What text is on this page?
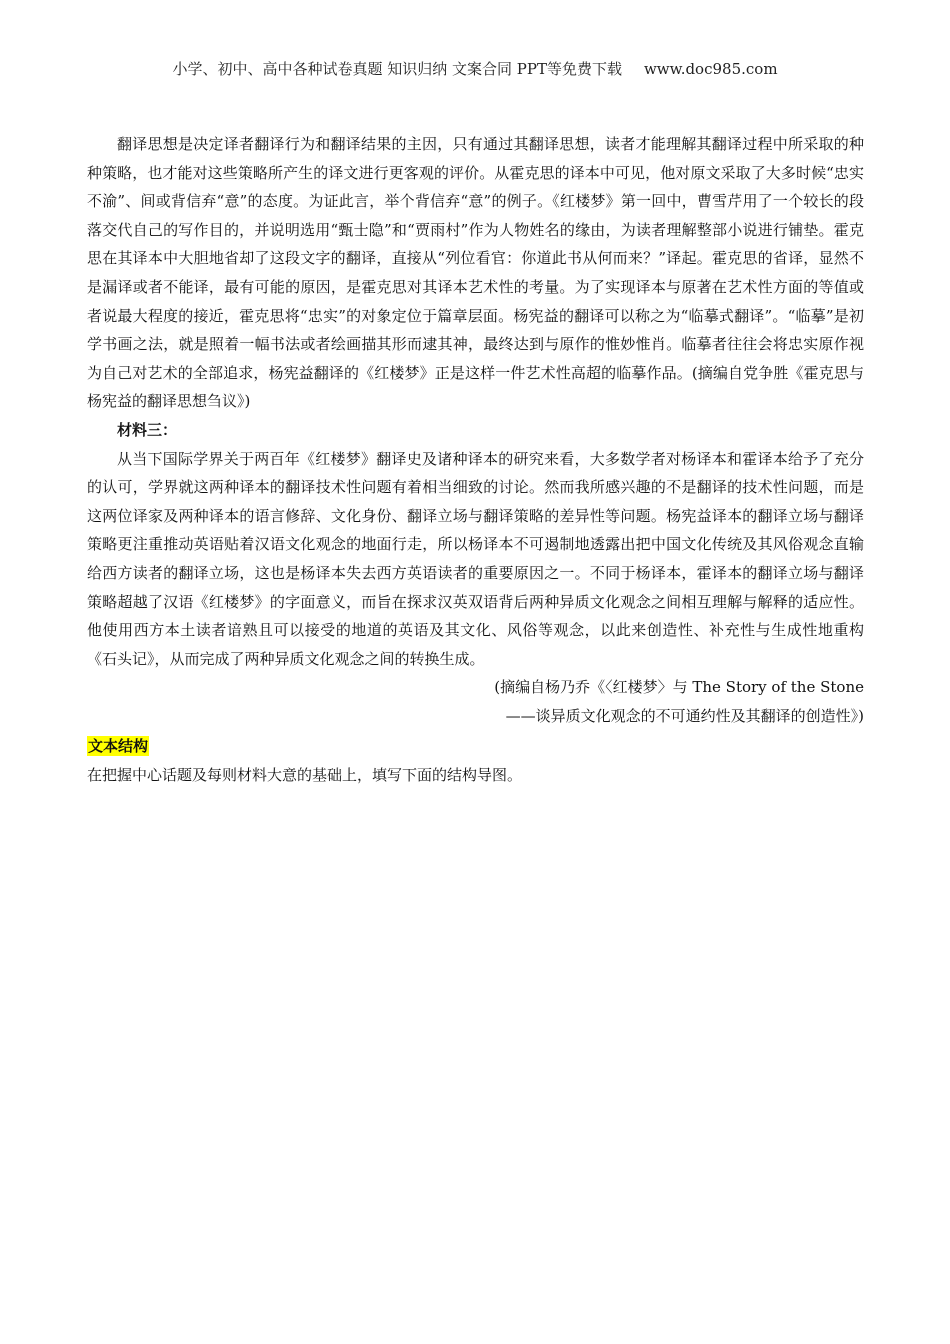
小学、初中、高中各种试卷真题 知识归纳 文案合同 PPT等免费下载 www.doc985.com

翻译思想是决定译者翻译行为和翻译结果的主因，只有通过其翻译思想，读者才能理解其翻译过程中所采取的种种策略，也才能对这些策略所产生的译文进行更客观的评价。从霍克思的译本中可见，他对原文采取了大多时候“忠实不渝”、间或背信弃“意”的态度。为证此言，举个背信弃“意”的例子。《红楼梦》第一回中，曹雪芹用了一个较长的段落交代自己的写作目的，并说明选用“甄士隐”和“贾雨村”作为人物姓名的缘由，为读者理解整部小说进行铺垫。霍克思在其译本中大胆地省却了这段文字的翻译，直接从“列位看官：你道此书从何而来？”译起。霍克思的省译，显然不是漏译或者不能译，最有可能的原因，是霍克思对其译本艺术性的考量。为了实现译本与原著在艺术性方面的等值或者说最大程度的接近，霍克思将“忠实”的对象定位于篇章层面。杨宪益的翻译可以称之为“临摹式翻译”。“临摹”是初学书画之法，就是照着一幅书法或者绘画描其形而逮其神，最终达到与原作的惟妙惟肖。临摹者往往会将忠实原作视为自己对艺术的全部追求，杨宪益翻译的《红楼梦》正是这样一件艺术性高超的临摹作品。(摘编自党争胜《霍克思与杨宪益的翻译思想刍议》)

材料三：

从当下国际学界关于两百年《红楼梦》翻译史及诸种译本的研究来看，大多数学者对杨译本和霍译本给予了充分的认可，学界就这两种译本的翻译技术性问题有着相当细致的讨论。然而我所感兴趣的不是翻译的技术性问题，而是这两位译家及两种译本的语言修辞、文化身份、翻译立场与翻译策略的差异性等问题。杨宪益译本的翻译立场与翻译策略更注重推动英语贴着汉语文化观念的地面行走，所以杨译本不可遏制地透露出把中国文化传统及其风俗观念直输给西方读者的翻译立场，这也是杨译本失去西方英语读者的重要原因之一。不同于杨译本，霍译本的翻译立场与翻译策略超越了汉语《红楼梦》的字面意义，而旨在探求汉英双语背后两种异质文化观念之间相互理解与解释的适应性。他使用西方本土读者谙熟且可以接受的地道的英语及其文化、风俗等观念，以此来创造性、补充性与生成性地重构《石头记》，从而完成了两种异质文化观念之间的转换生成。

(摘编自杨乃乔《〈红楼梦〉与 The Story of the Stone

——谈异质文化观念的不可通约性及其翻译的创造性》)

文本结构

在把握中心话题及每则材料大意的基础上，填写下面的结构导图。
